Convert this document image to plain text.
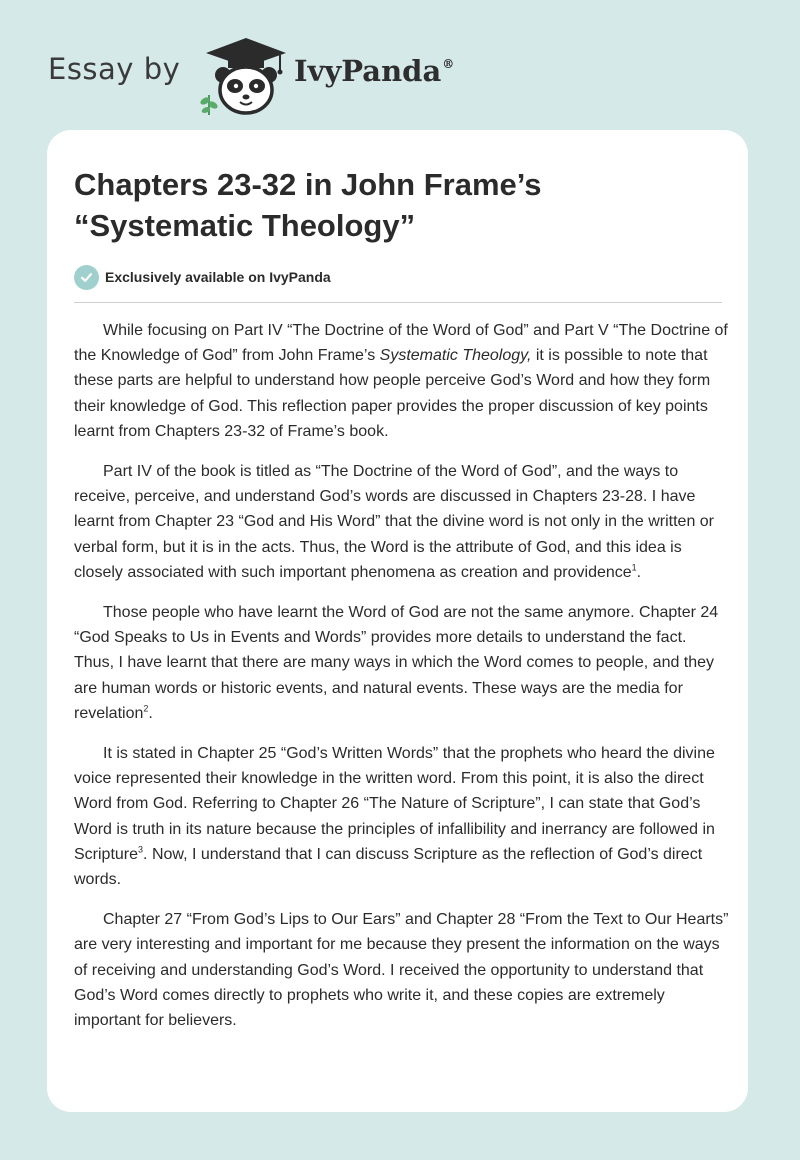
Essay by	IvyPanda®
Chapters 23-32 in John Frame’s “Systematic Theology”
Exclusively available on IvyPanda

While focusing on Part IV “The Doctrine of the Word of God” and Part V “The Doctrine of the Knowledge of God” from John Frame’s Systematic Theology, it is possible to note that these parts are helpful to understand how people perceive God’s Word and how they form their knowledge of God. This reflection paper provides the proper discussion of key points learnt from Chapters 23-32 of Frame’s book.

Part IV of the book is titled as “The Doctrine of the Word of God”, and the ways to receive, perceive, and understand God’s words are discussed in Chapters 23-28. I have learnt from Chapter 23 “God and His Word” that the divine word is not only in the written or verbal form, but it is in the acts. Thus, the Word is the attribute of God, and this idea is closely associated with such important phenomena as creation and providence$^1$.

Those people who have learnt the Word of God are not the same anymore. Chapter 24 “God Speaks to Us in Events and Words” provides more details to understand the fact. Thus, I have learnt that there are many ways in which the Word comes to people, and they are human words or historic events, and natural events. These ways are the media for revelation$^2$.

It is stated in Chapter 25 “God’s Written Words” that the prophets who heard the divine voice represented their knowledge in the written word. From this point, it is also the direct Word from God. Referring to Chapter 26 “The Nature of Scripture”, I can state that God’s Word is truth in its nature because the principles of infallibility and inerrancy are followed in Scripture$^3$. Now, I understand that I can discuss Scripture as the reflection of God’s direct words.

Chapter 27 “From God’s Lips to Our Ears” and Chapter 28 “From the Text to Our Hearts” are very interesting and important for me because they present the information on the ways of receiving and understanding God’s Word. I received the opportunity to understand that God’s Word comes directly to prophets who write it, and these copies are extremely important for believers.
